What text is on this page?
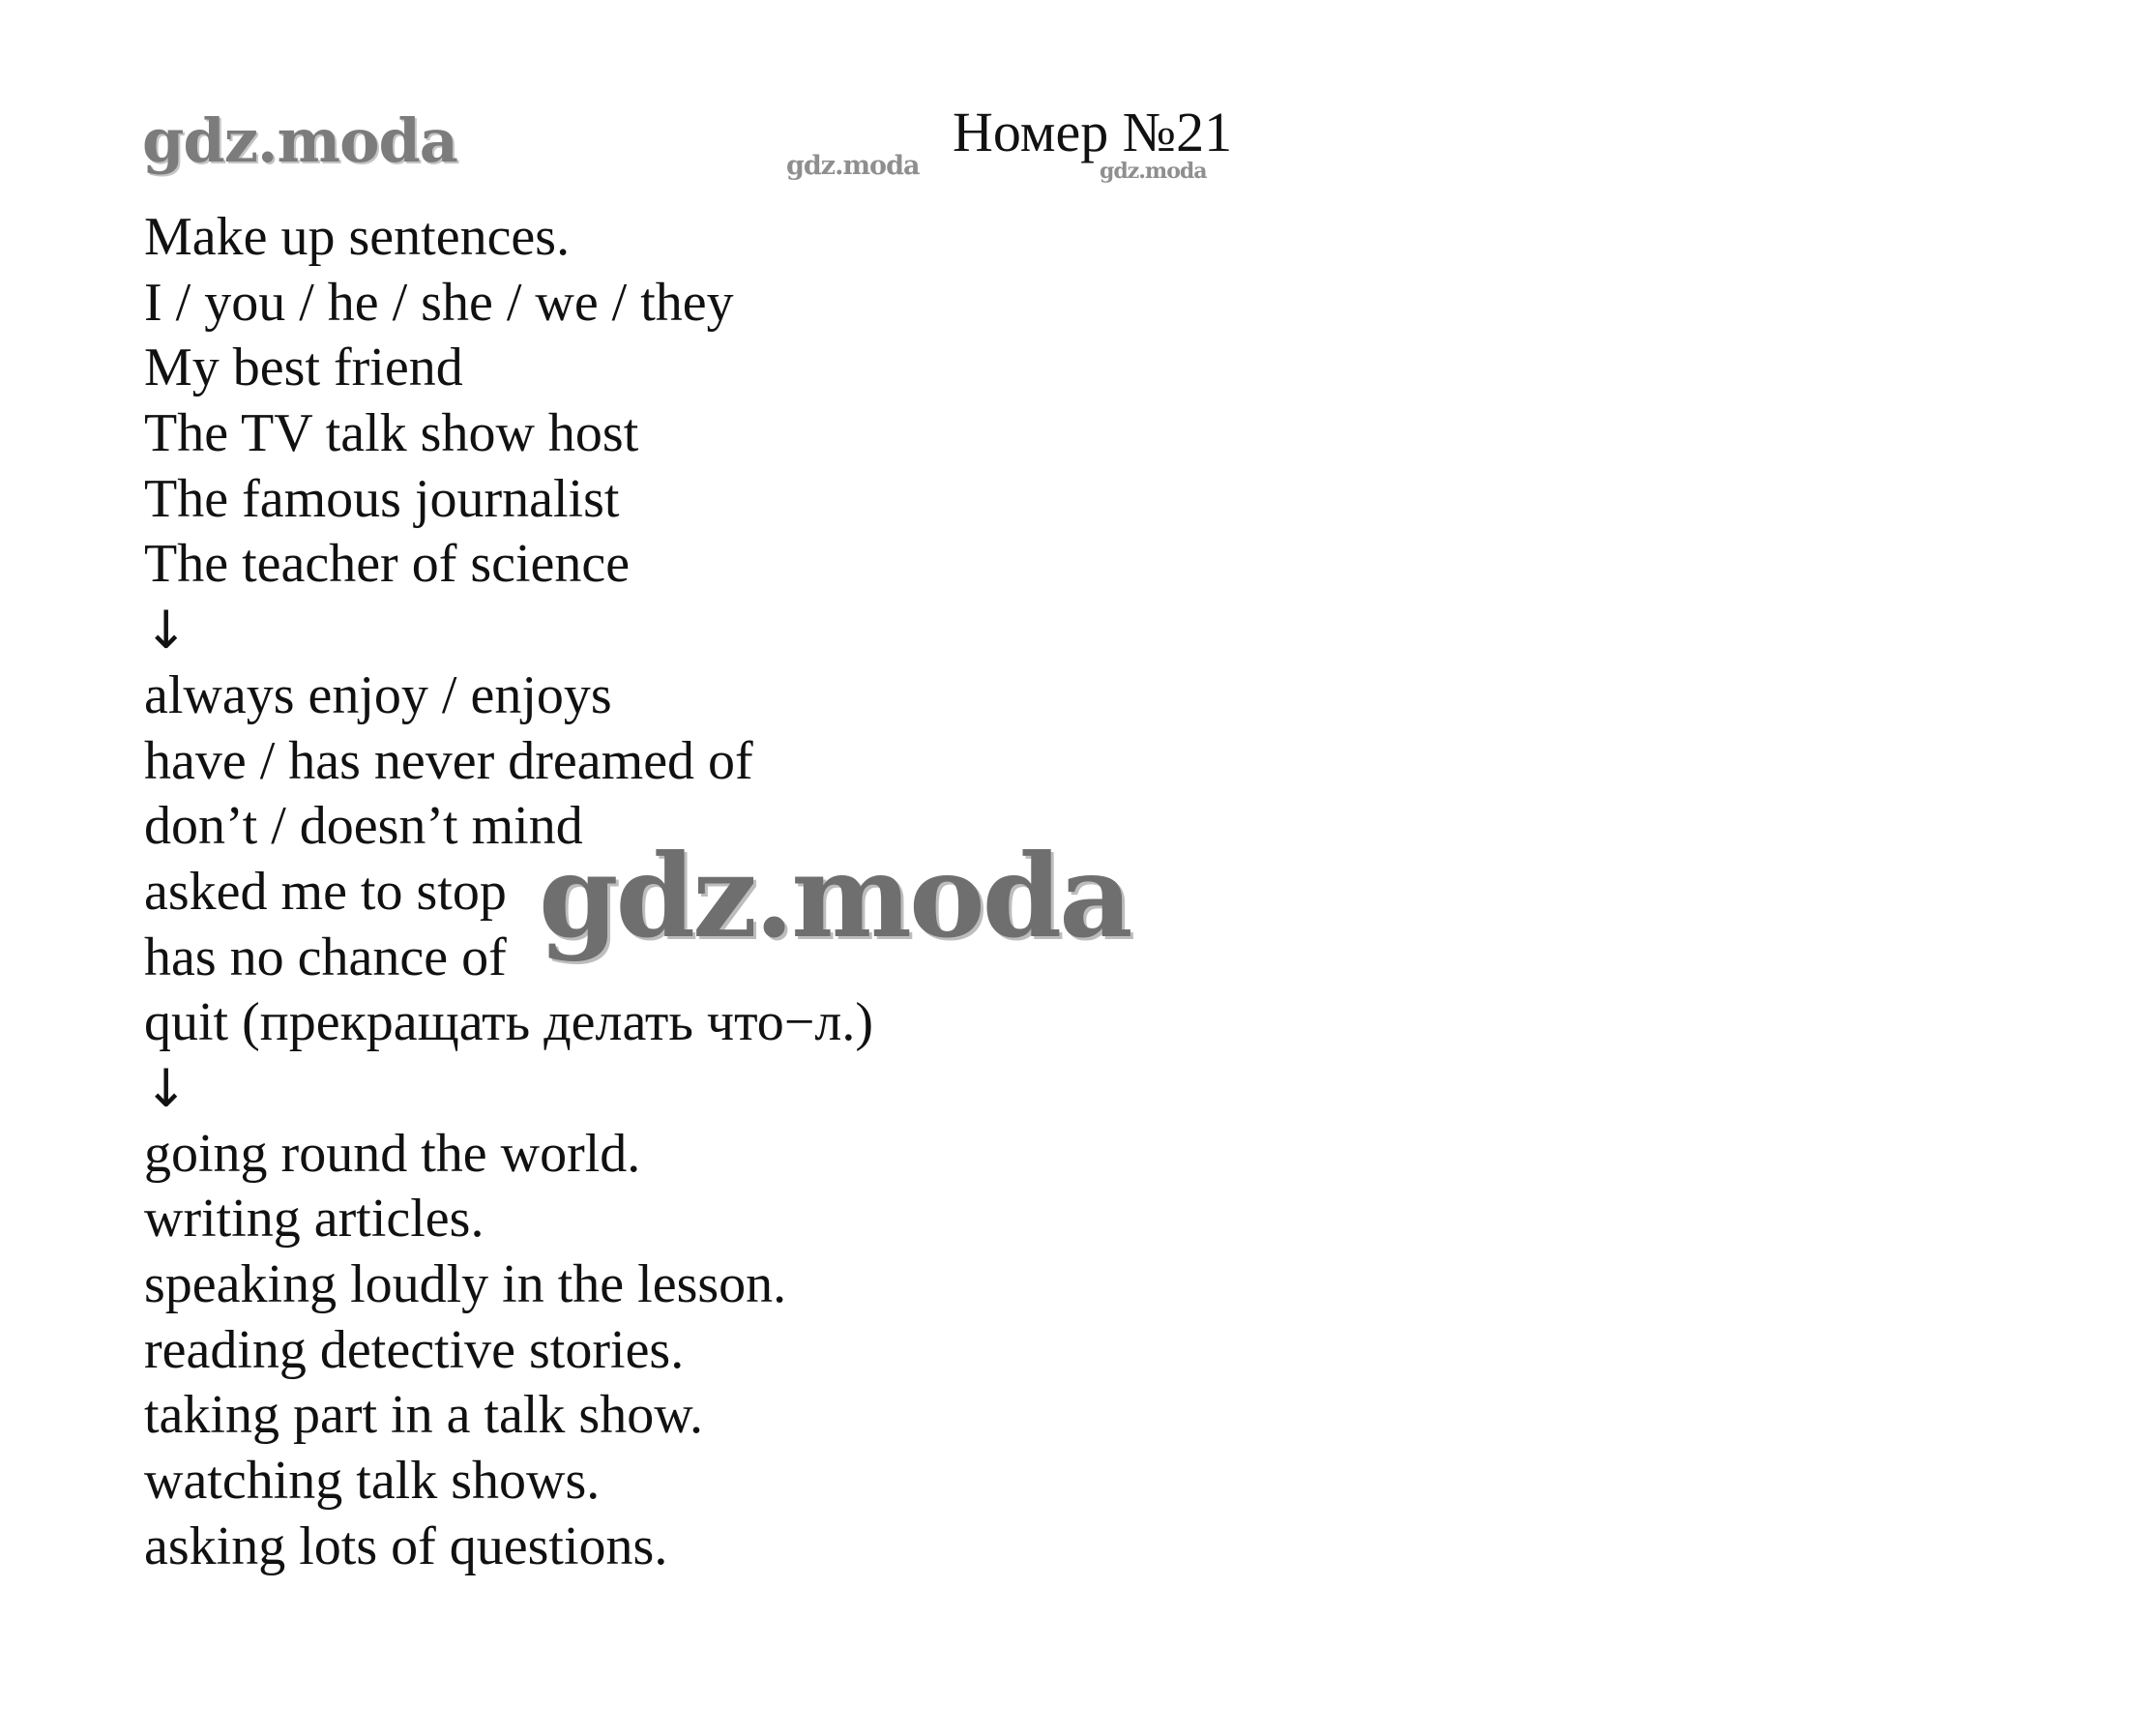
gdz.moda	gdz.moda	gdz.moda
Номер №21
Make up sentences.
I / you / he / she / we / they
My best friend
The TV talk show host
The famous journalist
The teacher of science
↓
always enjoy / enjoys
have / has never dreamed of
don’t / doesn’t mind
asked me to stop
has no chance of
quit (прекращать делать что−л.)
↓
going round the world.
writing articles.
speaking loudly in the lesson.
reading detective stories.
taking part in a talk show.
watching talk shows.
asking lots of questions.
gdz.moda
